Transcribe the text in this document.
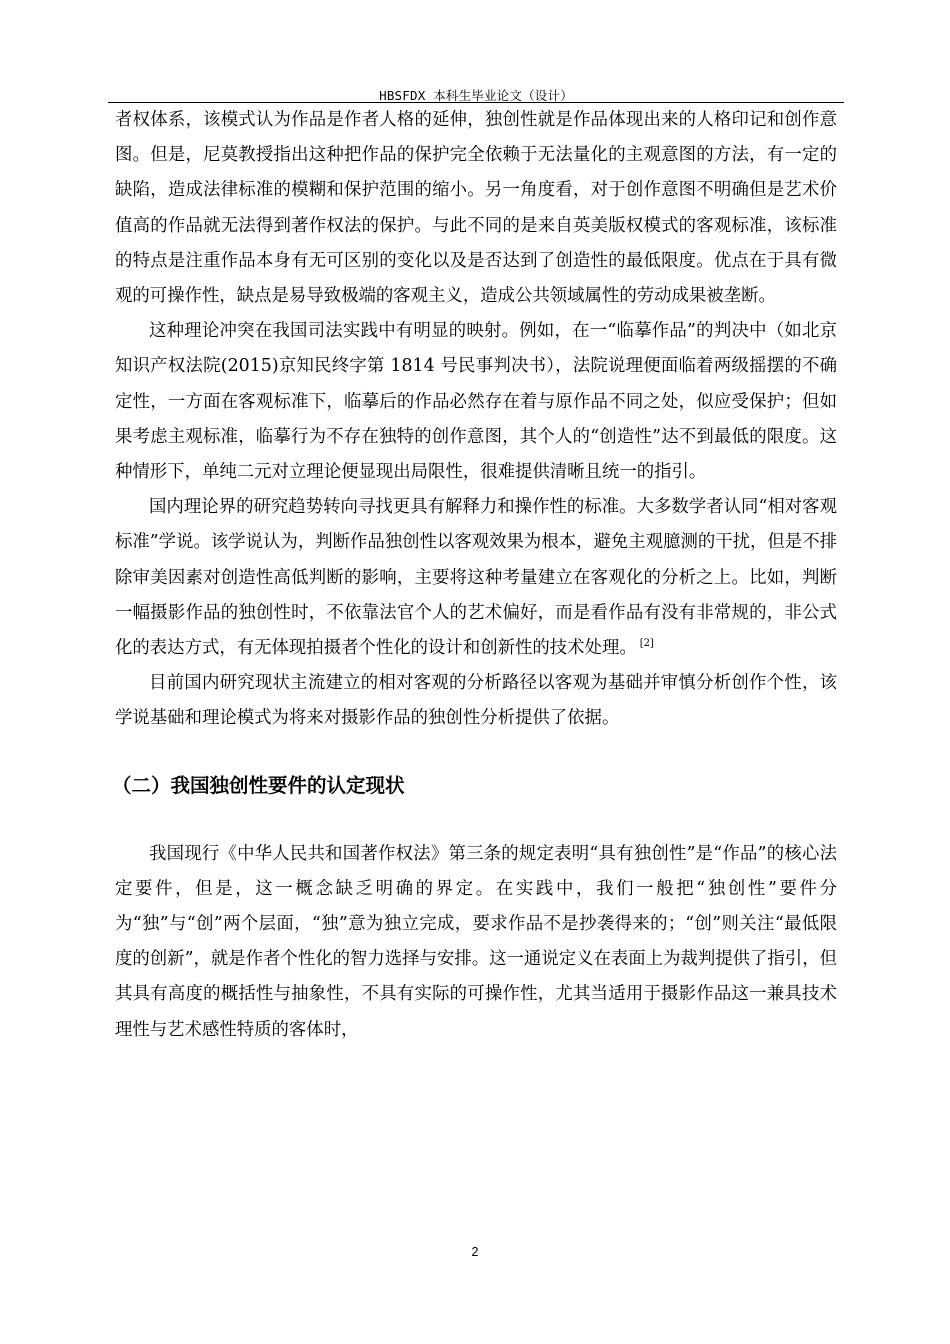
HBSFDX 本科生毕业论文（设计）

者权体系，该模式认为作品是作者人格的延伸，独创性就是作品体现出来的人格印记和创作意图。但是，尼莫教授指出这种把作品的保护完全依赖于无法量化的主观意图的方法，有一定的缺陷，造成法律标准的模糊和保护范围的缩小。另一角度看，对于创作意图不明确但是艺术价值高的作品就无法得到著作权法的保护。与此不同的是来自英美版权模式的客观标准，该标准的特点是注重作品本身有无可区别的变化以及是否达到了创造性的最低限度。优点在于具有微观的可操作性，缺点是易导致极端的客观主义，造成公共领域属性的劳动成果被垄断。

这种理论冲突在我国司法实践中有明显的映射。例如，在一“临摹作品”的判决中（如北京知识产权法院(2015)京知民终字第 1814 号民事判决书），法院说理便面临着两级摇摆的不确定性，一方面在客观标准下，临摹后的作品必然存在着与原作品不同之处，似应受保护；但如果考虑主观标准，临摹行为不存在独特的创作意图，其个人的“创造性”达不到最低的限度。这种情形下，单纯二元对立理论便显现出局限性，很难提供清晰且统一的指引。

国内理论界的研究趋势转向寻找更具有解释力和操作性的标准。大多数学者认同“相对客观标准”学说。该学说认为，判断作品独创性以客观效果为根本，避免主观臆测的干扰，但是不排除审美因素对创造性高低判断的影响，主要将这种考量建立在客观化的分析之上。比如，判断一幅摄影作品的独创性时，不依靠法官个人的艺术偏好，而是看作品有没有非常规的，非公式化的表达方式，有无体现拍摄者个性化的设计和创新性的技术处理。 [2]

目前国内研究现状主流建立的相对客观的分析路径以客观为基础并审慎分析创作个性，该学说基础和理论模式为将来对摄影作品的独创性分析提供了依据。

（二）我国独创性要件的认定现状

我国现行《中华人民共和国著作权法》第三条的规定表明“具有独创性”是“作品”的核心法定要件，但是，这一概念缺乏明确的界定。在实践中，我们一般把“独创性”要件分为“独”与“创”两个层面，“独”意为独立完成，要求作品不是抄袭得来的；“创”则关注“最低限度的创新”，就是作者个性化的智力选择与安排。这一通说定义在表面上为裁判提供了指引，但其具有高度的概括性与抽象性，不具有实际的可操作性，尤其当适用于摄影作品这一兼具技术理性与艺术感性特质的客体时，

2
